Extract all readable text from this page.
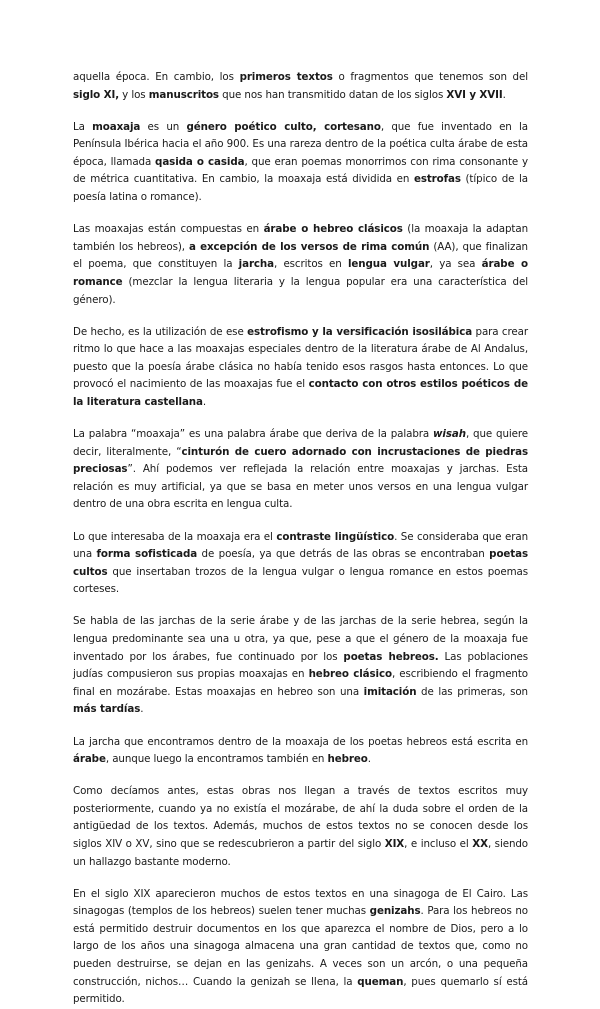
aquella época. En cambio, los primeros textos o fragmentos que tenemos son del siglo XI, y los manuscritos que nos han transmitido datan de los siglos XVI y XVII.

La moaxaja es un género poético culto, cortesano, que fue inventado en la Península Ibérica hacia el año 900. Es una rareza dentro de la poética culta árabe de esta época, llamada qasida o casida, que eran poemas monorrimos con rima consonante y de métrica cuantitativa. En cambio, la moaxaja está dividida en estrofas (típico de la poesía latina o romance).

Las moaxajas están compuestas en árabe o hebreo clásicos (la moaxaja la adaptan también los hebreos), a excepción de los versos de rima común (AA), que finalizan el poema, que constituyen la jarcha, escritos en lengua vulgar, ya sea árabe o romance (mezclar la lengua literaria y la lengua popular era una característica del género).

De hecho, es la utilización de ese estrofismo y la versificación isosilábica para crear ritmo lo que hace a las moaxajas especiales dentro de la literatura árabe de Al Andalus, puesto que la poesía árabe clásica no había tenido esos rasgos hasta entonces. Lo que provocó el nacimiento de las moaxajas fue el contacto con otros estilos poéticos de la literatura castellana.

La palabra “moaxaja” es una palabra árabe que deriva de la palabra wisah, que quiere decir, literalmente, “cinturón de cuero adornado con incrustaciones de piedras preciosas”. Ahí podemos ver reflejada la relación entre moaxajas y jarchas. Esta relación es muy artificial, ya que se basa en meter unos versos en una lengua vulgar dentro de una obra escrita en lengua culta.

Lo que interesaba de la moaxaja era el contraste lingüístico. Se consideraba que eran una forma sofisticada de poesía, ya que detrás de las obras se encontraban poetas cultos que insertaban trozos de la lengua vulgar o lengua romance en estos poemas corteses.

Se habla de las jarchas de la serie árabe y de las jarchas de la serie hebrea, según la lengua predominante sea una u otra, ya que, pese a que el género de la moaxaja fue inventado por los árabes, fue continuado por los poetas hebreos. Las poblaciones judías compusieron sus propias moaxajas en hebreo clásico, escribiendo el fragmento final en mozárabe. Estas moaxajas en hebreo son una imitación de las primeras, son más tardías.

La jarcha que encontramos dentro de la moaxaja de los poetas hebreos está escrita en árabe, aunque luego la encontramos también en hebreo.

Como decíamos antes, estas obras nos llegan a través de textos escritos muy posteriormente, cuando ya no existía el mozárabe, de ahí la duda sobre el orden de la antigüedad de los textos. Además, muchos de estos textos no se conocen desde los siglos XIV o XV, sino que se redescubrieron a partir del siglo XIX, e incluso el XX, siendo un hallazgo bastante moderno.

En el siglo XIX aparecieron muchos de estos textos en una sinagoga de El Cairo. Las sinagogas (templos de los hebreos) suelen tener muchas genizahs. Para los hebreos no está permitido destruir documentos en los que aparezca el nombre de Dios, pero a lo largo de los años una sinagoga almacena una gran cantidad de textos que, como no pueden destruirse, se dejan en las genizahs. A veces son un arcón, o una pequeña construcción, nichos… Cuando la genizah se llena, la queman, pues quemarlo sí está permitido.
